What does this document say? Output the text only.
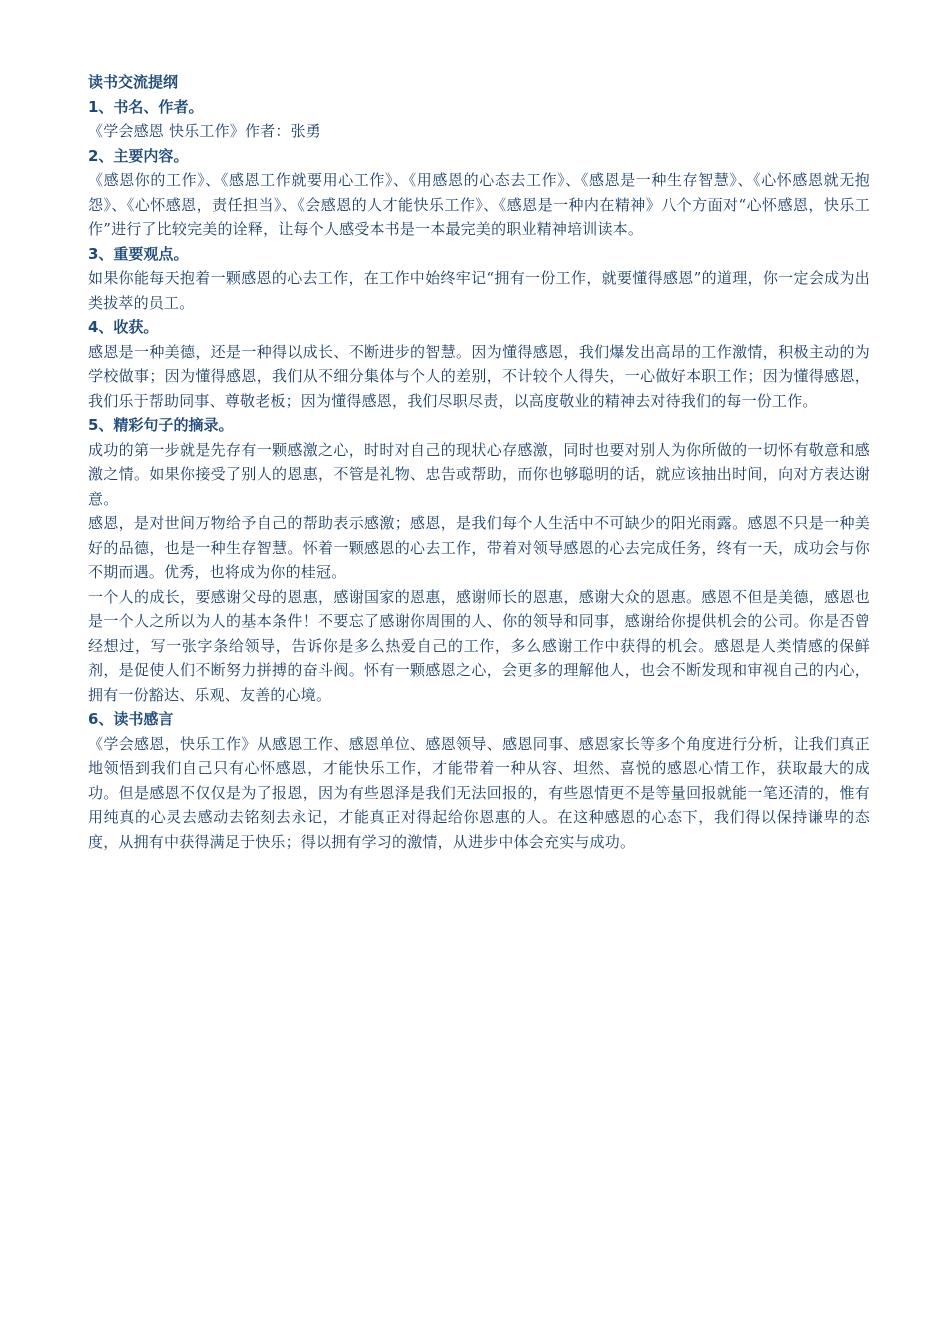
读书交流提纲

1、书名、作者。

《学会感恩 快乐工作》作者：张勇

2、主要内容。

《感恩你的工作》、《感恩工作就要用心工作》、《用感恩的心态去工作》、《感恩是一种生存智慧》、《心怀感恩就无抱怨》、《心怀感恩，责任担当》、《会感恩的人才能快乐工作》、《感恩是一种内在精神》八个方面对“心怀感恩，快乐工作”进行了比较完美的诠释，让每个人感受本书是一本最完美的职业精神培训读本。

3、重要观点。

如果你能每天抱着一颗感恩的心去工作，在工作中始终牢记“拥有一份工作，就要懂得感恩”的道理，你一定会成为出类拔萃的员工。

4、收获。

感恩是一种美德，还是一种得以成长、不断进步的智慧。因为懂得感恩，我们爆发出高昂的工作激情，积极主动的为学校做事；因为懂得感恩，我们从不细分集体与个人的差别，不计较个人得失，一心做好本职工作；因为懂得感恩，我们乐于帮助同事、尊敬老板；因为懂得感恩，我们尽职尽责，以高度敬业的精神去对待我们的每一份工作。

5、精彩句子的摘录。

成功的第一步就是先存有一颗感激之心，时时对自己的现状心存感激，同时也要对别人为你所做的一切怀有敬意和感激之情。如果你接受了别人的恩惠，不管是礼物、忠告或帮助，而你也够聪明的话，就应该抽出时间，向对方表达谢意。

感恩，是对世间万物给予自己的帮助表示感激；感恩，是我们每个人生活中不可缺少的阳光雨露。感恩不只是一种美好的品德，也是一种生存智慧。怀着一颗感恩的心去工作，带着对领导感恩的心去完成任务，终有一天，成功会与你不期而遇。优秀，也将成为你的桂冠。

一个人的成长，要感谢父母的恩惠，感谢国家的恩惠，感谢师长的恩惠，感谢大众的恩惠。感恩不但是美德，感恩也是一个人之所以为人的基本条件！不要忘了感谢你周围的人、你的领导和同事，感谢给你提供机会的公司。你是否曾经想过，写一张字条给领导，告诉你是多么热爱自己的工作，多么感谢工作中获得的机会。感恩是人类情感的保鲜剂，是促使人们不断努力拼搏的奋斗阀。怀有一颗感恩之心，会更多的理解他人，也会不断发现和审视自己的内心，拥有一份豁达、乐观、友善的心境。

6、读书感言

《学会感恩，快乐工作》从感恩工作、感恩单位、感恩领导、感恩同事、感恩家长等多个角度进行分析，让我们真正地领悟到我们自己只有心怀感恩，才能快乐工作，才能带着一种从容、坦然、喜悦的感恩心情工作，获取最大的成功。但是感恩不仅仅是为了报恩，因为有些恩泽是我们无法回报的，有些恩情更不是等量回报就能一笔还清的，惟有用纯真的心灵去感动去铭刻去永记，才能真正对得起给你恩惠的人。在这种感恩的心态下，我们得以保持谦卑的态度，从拥有中获得满足于快乐；得以拥有学习的激情，从进步中体会充实与成功。
